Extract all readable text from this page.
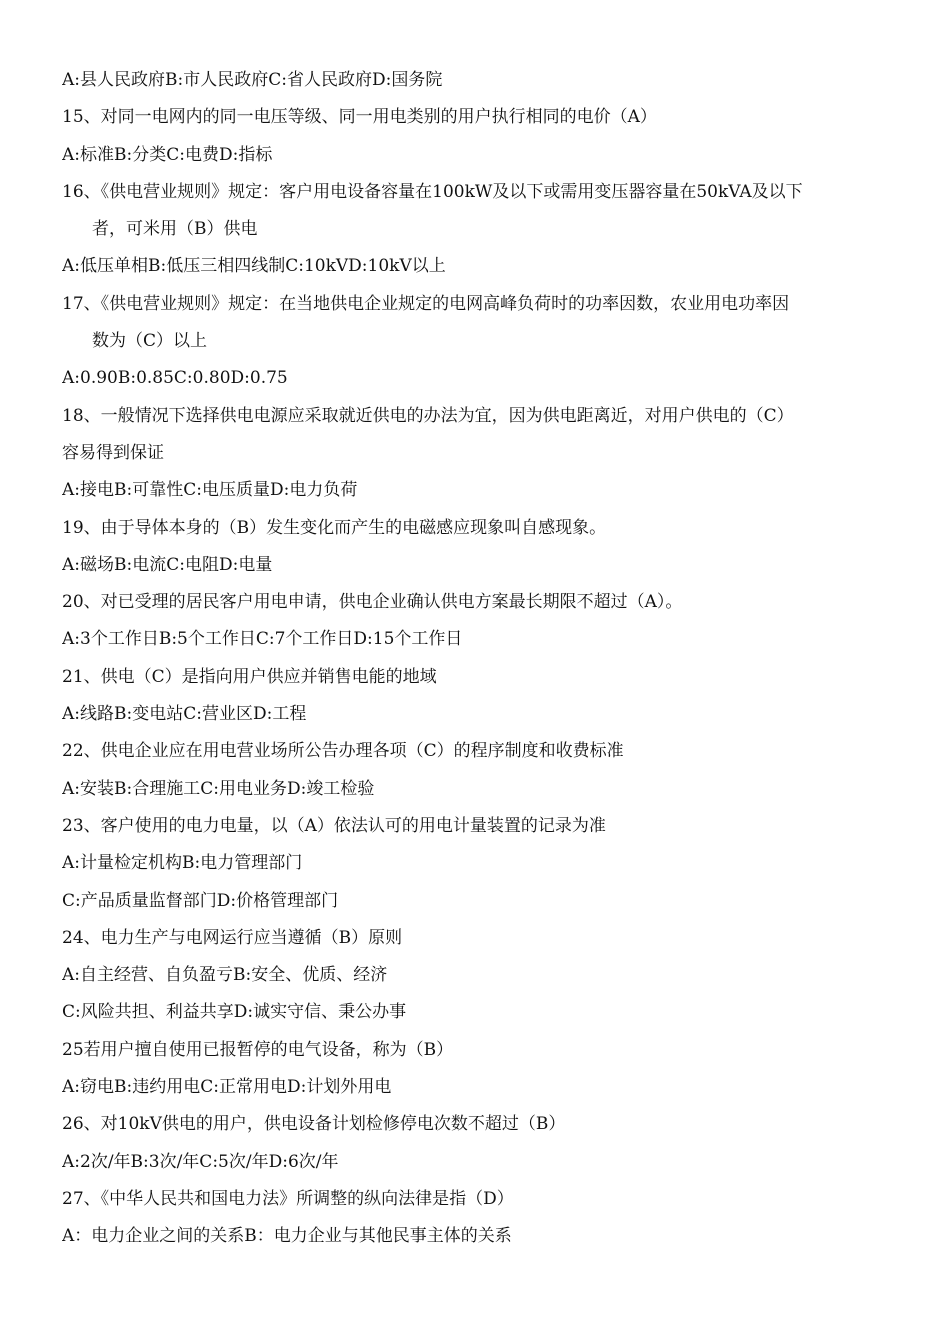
A:县人民政府B:市人民政府C:省人民政府D:国务院
15、对同一电网内的同一电压等级、同一用电类别的用户执行相同的电价（A）
A:标准B:分类C:电费D:指标
16、《供电营业规则》规定：客户用电设备容量在100kW及以下或需用变压器容量在50kVA及以下
者，可米用（B）供电
A:低压单相B:低压三相四线制C:10kVD:10kV以上
17、《供电营业规则》规定：在当地供电企业规定的电网高峰负荷时的功率因数，农业用电功率因
数为（C）以上
A:0.90B:0.85C:0.80D:0.75
18、一般情况下选择供电电源应采取就近供电的办法为宜，因为供电距离近，对用户供电的（C）
容易得到保证
A:接电B:可靠性C:电压质量D:电力负荷
19、由于导体本身的（B）发生变化而产生的电磁感应现象叫自感现象。
A:磁场B:电流C:电阻D:电量
20、对已受理的居民客户用电申请，供电企业确认供电方案最长期限不超过（A）。
A:3个工作日B:5个工作日C:7个工作日D:15个工作日
21、供电（C）是指向用户供应并销售电能的地域
A:线路B:变电站C:营业区D:工程
22、供电企业应在用电营业场所公告办理各项（C）的程序制度和收费标准
A:安装B:合理施工C:用电业务D:竣工检验
23、客户使用的电力电量，以（A）依法认可的用电计量装置的记录为准
A:计量检定机构B:电力管理部门
C:产品质量监督部门D:价格管理部门
24、电力生产与电网运行应当遵循（B）原则
A:自主经营、自负盈亏B:安全、优质、经济
C:风险共担、利益共享D:诚实守信、秉公办事
25若用户擅自使用已报暂停的电气设备，称为（B）
A:窃电B:违约用电C:正常用电D:计划外用电
26、对10kV供电的用户，供电设备计划检修停电次数不超过（B）
A:2次/年B:3次/年C:5次/年D:6次/年
27、《中华人民共和国电力法》所调整的纵向法律是指（D）
A：电力企业之间的关系B：电力企业与其他民事主体的关系
